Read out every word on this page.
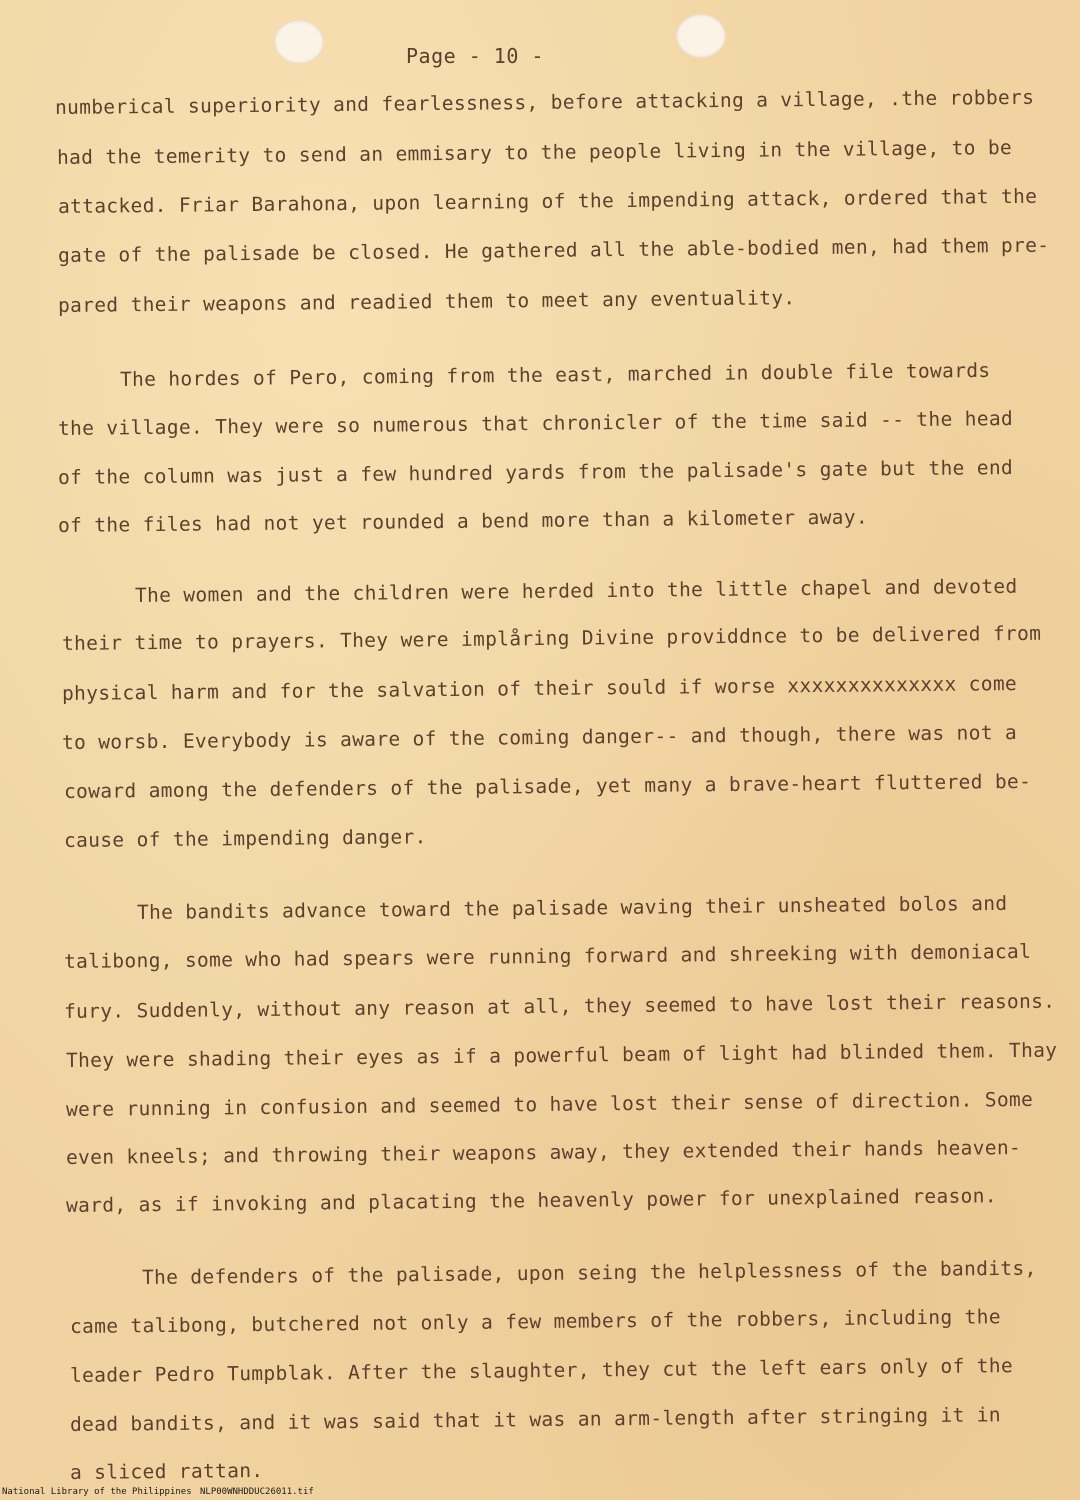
Page - 10 -
numberical superiority and fearlessness, before attacking a village, .the robbers
had the temerity to send an emmisary to the people living in the village, to be
attacked. Friar Barahona, upon learning of the impending attack, ordered that the
gate of the palisade be closed. He gathered all the able-bodied men, had them pre-
pared their weapons and readied them to meet any eventuality.
The hordes of Pero, coming from the east, marched in double file towards
the village. They were so numerous that chronicler of the time said -- the head
of the column was just a few hundred yards from the palisade's gate but the end
of the files had not yet rounded a bend more than a kilometer away.
The women and the children were herded into the little chapel and devoted
their time to prayers. They were implåring Divine providdnce to be delivered from
physical harm and for the salvation of their sould if worse xxxxxxxxxxxxxx come
to worsb. Everybody is aware of the coming danger-- and though, there was not a
coward among the defenders of the palisade, yet many a brave-heart fluttered be-
cause of the impending danger.
The bandits advance toward the palisade waving their unsheated bolos and
talibong, some who had spears were running forward and shreeking with demoniacal
fury. Suddenly, without any reason at all, they seemed to have lost their reasons.
They were shading their eyes as if a powerful beam of light had blinded them. Thay
were running in confusion and seemed to have lost their sense of direction. Some
even kneels; and throwing their weapons away, they extended their hands heaven-
ward, as if invoking and placating the heavenly power for unexplained reason.
The defenders of the palisade, upon seing the helplessness of the bandits,
came talibong, butchered not only a few members of the robbers, including the
leader Pedro Tumpblak. After the slaughter, they cut the left ears only of the
dead bandits, and it was said that it was an arm-length after stringing it in
a sliced rattan.
National Library of the Philippines NLP00WNHDDUC26011.tif
